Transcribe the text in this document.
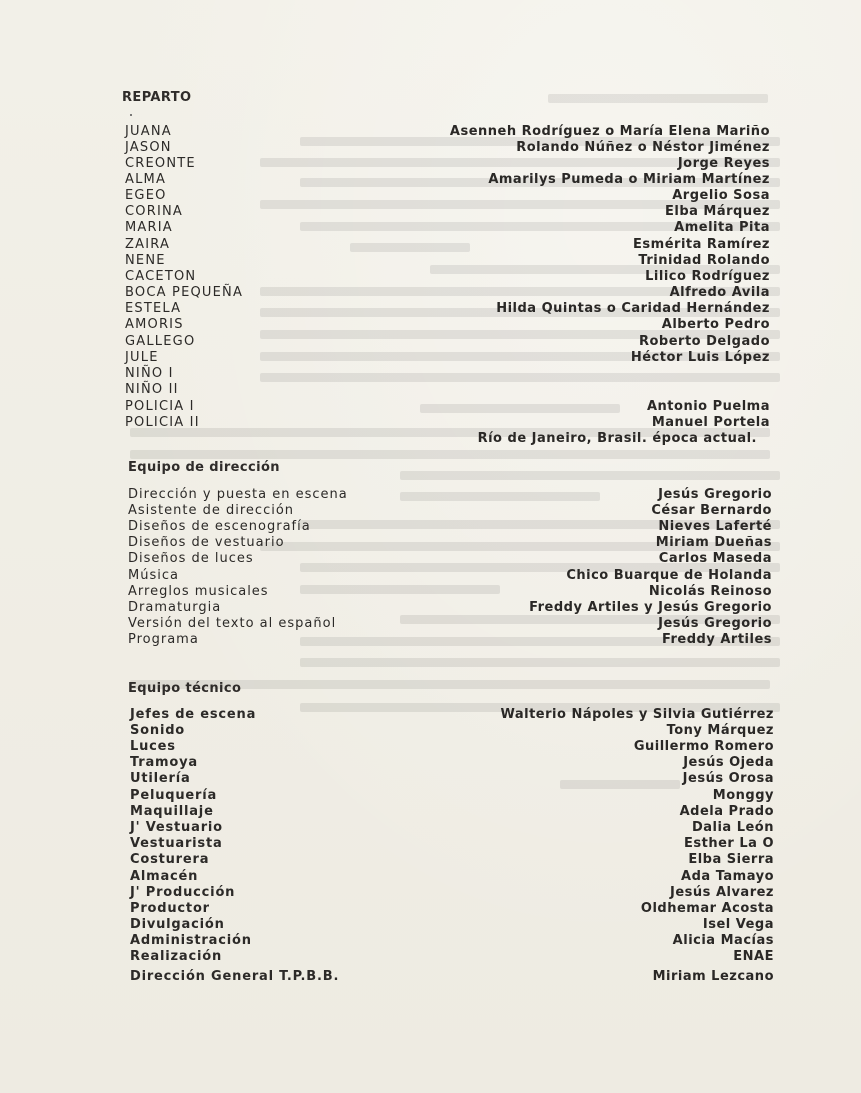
REPARTO
JUANA	Asenneh Rodríguez o María Elena Mariño
JASON	Rolando Núñez o Néstor Jiménez
CREONTE	Jorge Reyes
ALMA	Amarilys Pumeda o Miriam Martínez
EGEO	Argelio Sosa
CORINA	Elba Márquez
MARIA	Amelita Pita
ZAIRA	Esmérita Ramírez
NENE	Trinidad Rolando
CACETON	Lilico Rodríguez
BOCA PEQUEÑA	Alfredo Avila
ESTELA	Hilda Quintas o Caridad Hernández
AMORIS	Alberto Pedro
GALLEGO	Roberto Delgado
JULE	Héctor Luis López
NIÑO I
NIÑO II
POLICIA I	Antonio Puelma
POLICIA II	Manuel Portela
Río de Janeiro, Brasil. época actual.
Equipo de dirección
Dirección y puesta en escena	Jesús Gregorio
Asistente de dirección	César Bernardo
Diseños de escenografía	Nieves Laferté
Diseños de vestuario	Miriam Dueñas
Diseños de luces	Carlos Maseda
Música	Chico Buarque de Holanda
Arreglos musicales	Nicolás Reinoso
Dramaturgia	Freddy Artiles y Jesús Gregorio
Versión del texto al español	Jesús Gregorio
Programa	Freddy Artiles
Equipo técnico
Jefes de escena	Walterio Nápoles y Silvia Gutiérrez
Sonido	Tony Márquez
Luces	Guillermo Romero
Tramoya	Jesús Ojeda
Utilería	Jesús Orosa
Peluquería	Monggy
Maquillaje	Adela Prado
J' Vestuario	Dalia León
Vestuarista	Esther La O
Costurera	Elba Sierra
Almacén	Ada Tamayo
J' Producción	Jesús Alvarez
Productor	Oldhemar Acosta
Divulgación	Isel Vega
Administración	Alicia Macías
Realización	ENAE
Dirección General T.P.B.B.	Miriam Lezcano
